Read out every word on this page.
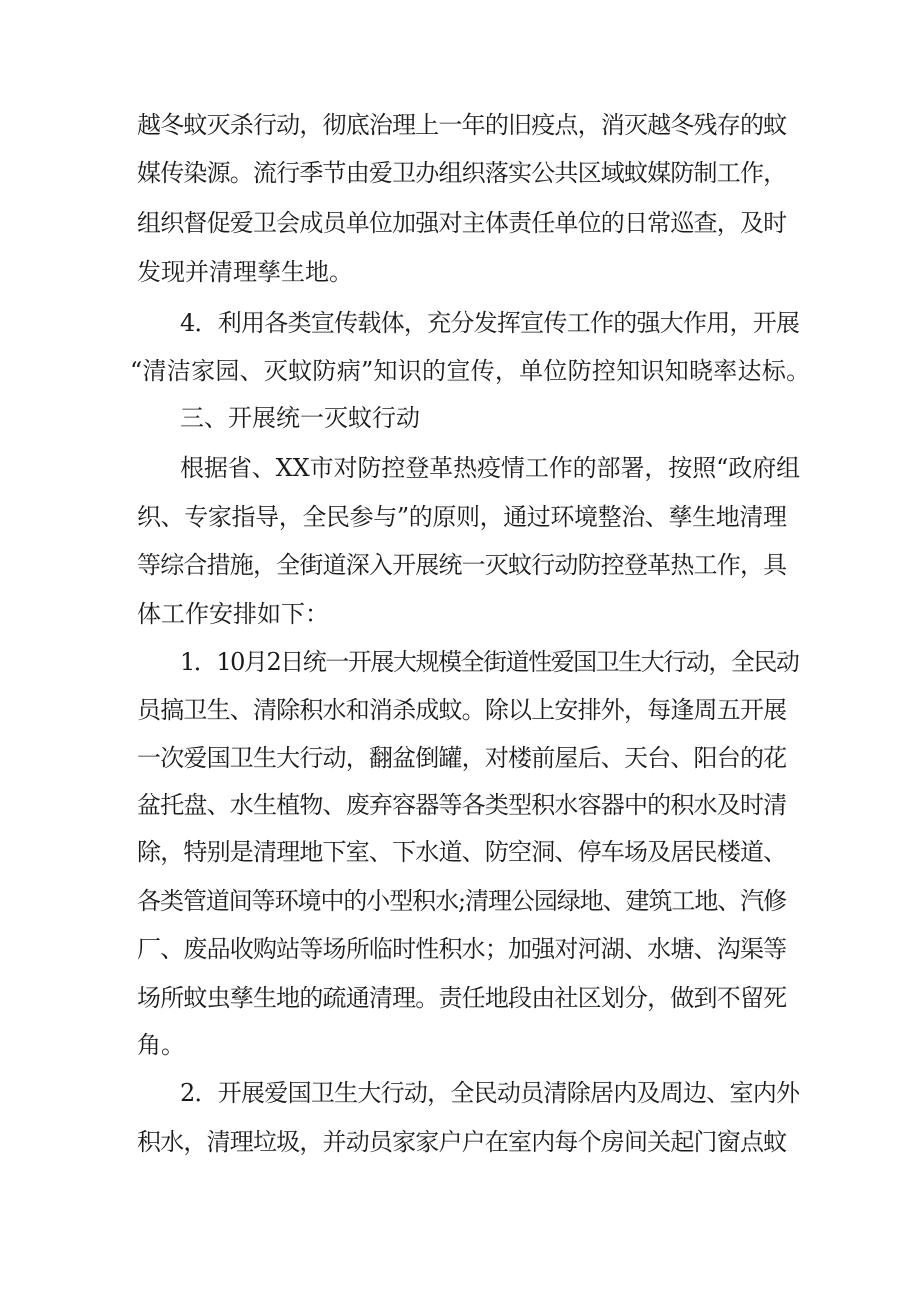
越冬蚊灭杀行动，彻底治理上一年的旧疫点，消灭越冬残存的蚊
媒传染源。流行季节由爱卫办组织落实公共区域蚊媒防制工作，
组织督促爱卫会成员单位加强对主体责任单位的日常巡查，及时
发现并清理孳生地。
4．利用各类宣传载体，充分发挥宣传工作的强大作用，开展
“清洁家园、灭蚊防病”知识的宣传，单位防控知识知晓率达标。
三、开展统一灭蚊行动
根据省、XX市对防控登革热疫情工作的部署，按照“政府组
织、专家指导，全民参与”的原则，通过环境整治、孳生地清理
等综合措施，全街道深入开展统一灭蚊行动防控登革热工作，具
体工作安排如下：
1．10月2日统一开展大规模全街道性爱国卫生大行动，全民动
员搞卫生、清除积水和消杀成蚊。除以上安排外，每逢周五开展
一次爱国卫生大行动，翻盆倒罐，对楼前屋后、天台、阳台的花
盆托盘、水生植物、废弃容器等各类型积水容器中的积水及时清
除，特别是清理地下室、下水道、防空洞、停车场及居民楼道、
各类管道间等环境中的小型积水;清理公园绿地、建筑工地、汽修
厂、废品收购站等场所临时性积水；加强对河湖、水塘、沟渠等
场所蚊虫孳生地的疏通清理。责任地段由社区划分，做到不留死
角。
2．开展爱国卫生大行动，全民动员清除居内及周边、室内外
积水，清理垃圾，并动员家家户户在室内每个房间关起门窗点蚊
